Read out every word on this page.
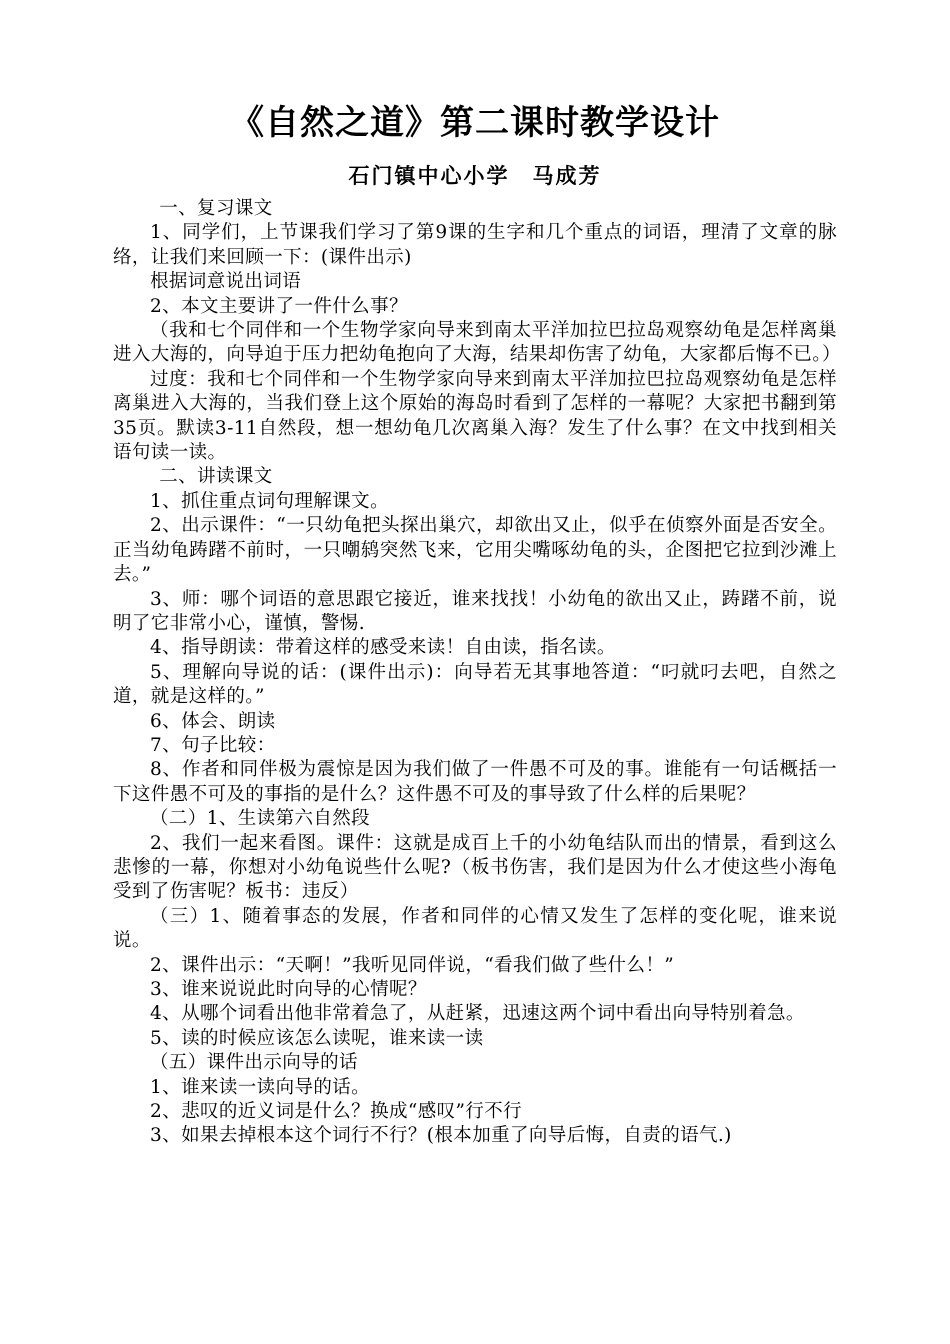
《自然之道》第二课时教学设计
石门镇中心小学　马成芳

一、复习课文

1、同学们，上节课我们学习了第9课的生字和几个重点的词语，理清了文章的脉络，让我们来回顾一下：(课件出示)

根据词意说出词语

2、本文主要讲了一件什么事？

（我和七个同伴和一个生物学家向导来到南太平洋加拉巴拉岛观察幼龟是怎样离巢进入大海的，向导迫于压力把幼龟抱向了大海，结果却伤害了幼龟，大家都后悔不已。）

过度：我和七个同伴和一个生物学家向导来到南太平洋加拉巴拉岛观察幼龟是怎样离巢进入大海的，当我们登上这个原始的海岛时看到了怎样的一幕呢？大家把书翻到第35页。默读3-11自然段，想一想幼龟几次离巢入海？发生了什么事？在文中找到相关语句读一读。

二、讲读课文

1、抓住重点词句理解课文。

2、出示课件：“一只幼龟把头探出巢穴，却欲出又止，似乎在侦察外面是否安全。正当幼龟踌躇不前时，一只嘲鸫突然飞来，它用尖嘴啄幼龟的头，企图把它拉到沙滩上去。”

3、师：哪个词语的意思跟它接近，谁来找找！小幼龟的欲出又止，踌躇不前，说明了它非常小心，谨慎，警惕.

4、指导朗读：带着这样的感受来读！自由读，指名读。

5、理解向导说的话：(课件出示)：向导若无其事地答道：“叼就叼去吧，自然之道，就是这样的。”

6、体会、朗读

7、句子比较：

8、作者和同伴极为震惊是因为我们做了一件愚不可及的事。谁能有一句话概括一下这件愚不可及的事指的是什么？这件愚不可及的事导致了什么样的后果呢？

（二）1、生读第六自然段

2、我们一起来看图。课件：这就是成百上千的小幼龟结队而出的情景，看到这么悲惨的一幕，你想对小幼龟说些什么呢?（板书伤害，我们是因为什么才使这些小海龟受到了伤害呢？板书：违反）

（三）1、随着事态的发展，作者和同伴的心情又发生了怎样的变化呢，谁来说说。

2、课件出示：“天啊！”我听见同伴说，“看我们做了些什么！”

3、谁来说说此时向导的心情呢？

4、从哪个词看出他非常着急了，从赶紧，迅速这两个词中看出向导特别着急。

5、读的时候应该怎么读呢，谁来读一读

（五）课件出示向导的话

1、谁来读一读向导的话。

2、悲叹的近义词是什么？换成“感叹”行不行

3、如果去掉根本这个词行不行？(根本加重了向导后悔，自责的语气.)
